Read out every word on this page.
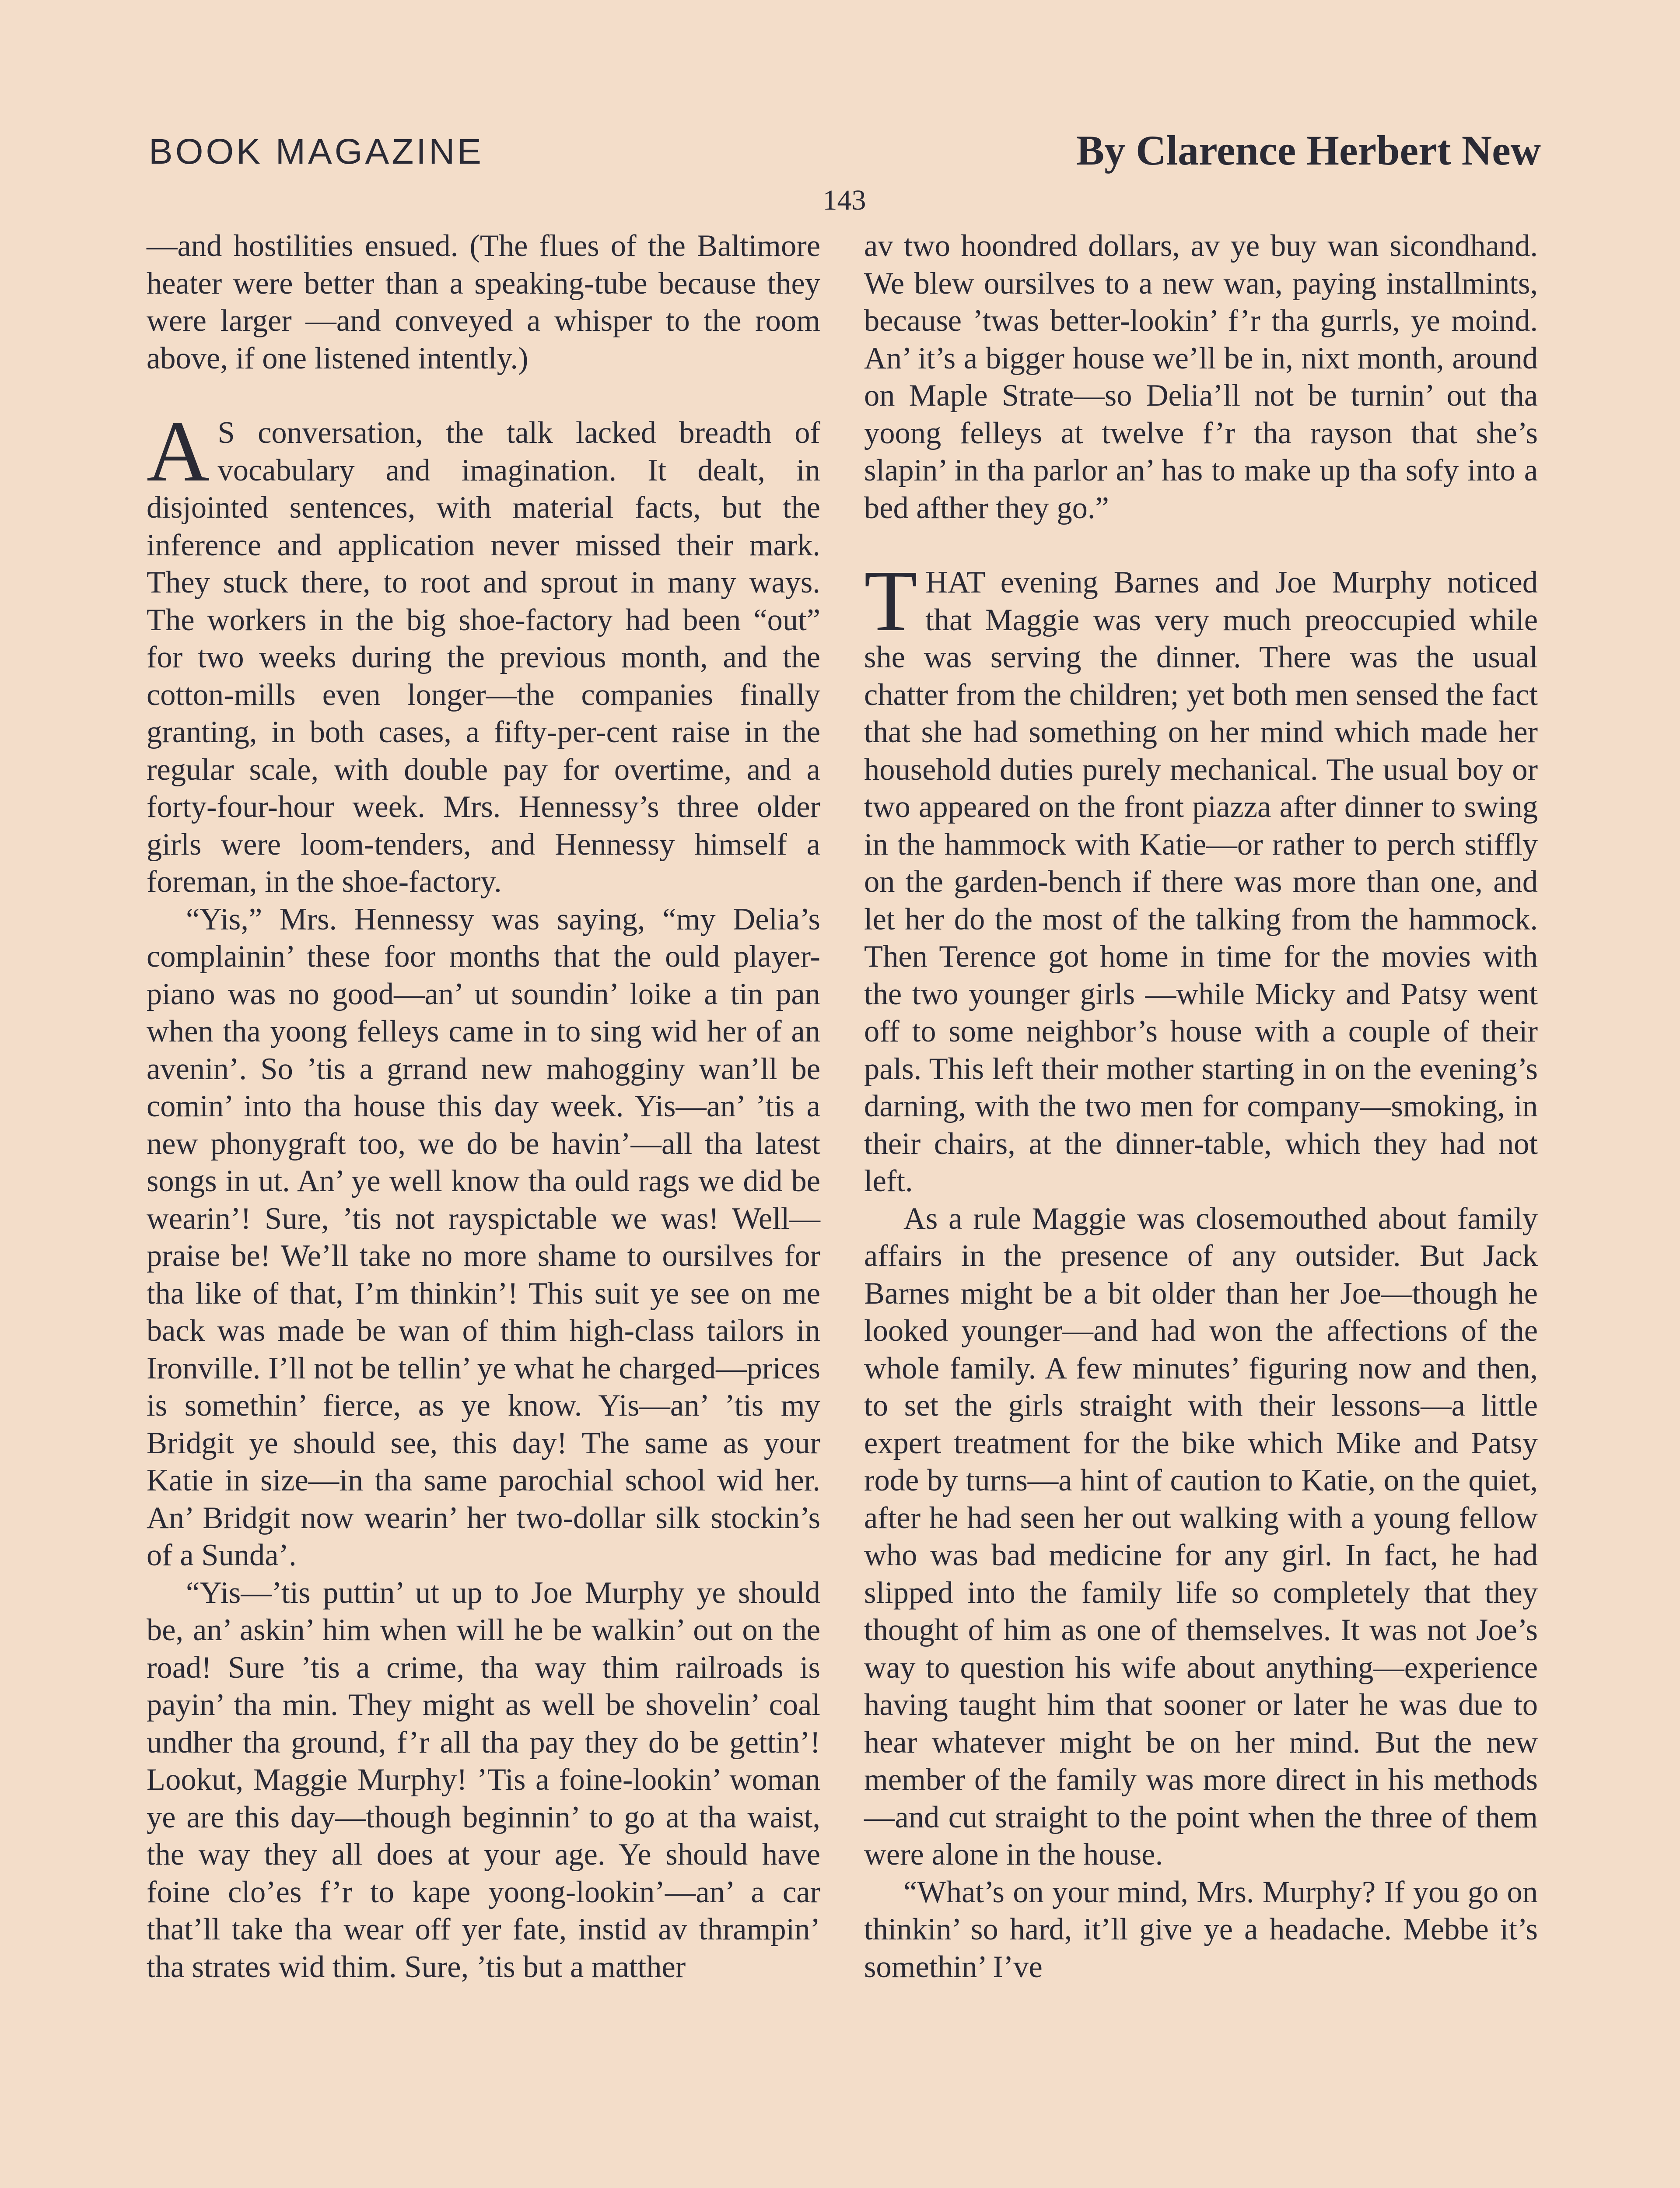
BOOK MAGAZINE	By Clarence Herbert New
143

—and hostilities ensued. (The flues of the Baltimore heater were better than a speaking-tube because they were larger —and conveyed a whisper to the room above, if one listened intently.)

A S conversation, the talk lacked breadth of vocabulary and imagination. It dealt, in disjointed sentences, with material facts, but the inference and application never missed their mark. They stuck there, to root and sprout in many ways. The workers in the big shoe-factory had been “out” for two weeks during the previous month, and the cotton-mills even longer—the companies finally granting, in both cases, a fifty-per-cent raise in the regular scale, with double pay for overtime, and a forty-four-hour week. Mrs. Hennessy’s three older girls were loom-tenders, and Hennessy himself a foreman, in the shoe-factory.

“Yis,” Mrs. Hennessy was saying, “my Delia’s complainin’ these foor months that the ould player-piano was no good—an’ ut soundin’ loike a tin pan when tha yoong felleys came in to sing wid her of an avenin’. So ’tis a grrand new mahogginy wan’ll be comin’ into tha house this day week. Yis—an’ ’tis a new phonygraft too, we do be havin’—all tha latest songs in ut. An’ ye well know tha ould rags we did be wearin’! Sure, ’tis not rayspictable we was! Well—praise be! We’ll take no more shame to oursilves for tha like of that, I’m thinkin’! This suit ye see on me back was made be wan of thim high-class tailors in Ironville. I’ll not be tellin’ ye what he charged—prices is somethin’ fierce, as ye know. Yis—an’ ’tis my Bridgit ye should see, this day! The same as your Katie in size—in tha same parochial school wid her. An’ Bridgit now wearin’ her two-dollar silk stockin’s of a Sunda’.

“Yis—’tis puttin’ ut up to Joe Murphy ye should be, an’ askin’ him when will he be walkin’ out on the road! Sure ’tis a crime, tha way thim railroads is payin’ tha min. They might as well be shovelin’ coal undher tha ground, f’r all tha pay they do be gettin’! Lookut, Maggie Murphy! ’Tis a foine-lookin’ woman ye are this day—though beginnin’ to go at tha waist, the way they all does at your age. Ye should have foine clo’es f’r to kape yoong-lookin’—an’ a car that’ll take tha wear off yer fate, instid av thrampin’ tha strates wid thim. Sure, ’tis but a matther

av two hoondred dollars, av ye buy wan sicondhand. We blew oursilves to a new wan, paying installmints, because ’twas better-lookin’ f’r tha gurrls, ye moind. An’ it’s a bigger house we’ll be in, nixt month, around on Maple Strate—so Delia’ll not be turnin’ out tha yoong felleys at twelve f’r tha rayson that she’s slapin’ in tha parlor an’ has to make up tha sofy into a bed afther they go.”

THAT evening Barnes and Joe Murphy noticed that Maggie was very much preoccupied while she was serving the dinner. There was the usual chatter from the children; yet both men sensed the fact that she had something on her mind which made her household duties purely mechanical. The usual boy or two appeared on the front piazza after dinner to swing in the hammock with Katie—or rather to perch stiffly on the garden-bench if there was more than one, and let her do the most of the talking from the hammock. Then Terence got home in time for the movies with the two younger girls —while Micky and Patsy went off to some neighbor’s house with a couple of their pals. This left their mother starting in on the evening’s darning, with the two men for company—smoking, in their chairs, at the dinner-table, which they had not left.

As a rule Maggie was closemouthed about family affairs in the presence of any outsider. But Jack Barnes might be a bit older than her Joe—though he looked younger—and had won the affections of the whole family. A few minutes’ figuring now and then, to set the girls straight with their lessons—a little expert treatment for the bike which Mike and Patsy rode by turns—a hint of caution to Katie, on the quiet, after he had seen her out walking with a young fellow who was bad medicine for any girl. In fact, he had slipped into the family life so completely that they thought of him as one of themselves. It was not Joe’s way to question his wife about anything—experience having taught him that sooner or later he was due to hear whatever might be on her mind. But the new member of the family was more direct in his methods—and cut straight to the point when the three of them were alone in the house.

“What’s on your mind, Mrs. Murphy? If you go on thinkin’ so hard, it’ll give ye a headache. Mebbe it’s somethin’ I’ve
